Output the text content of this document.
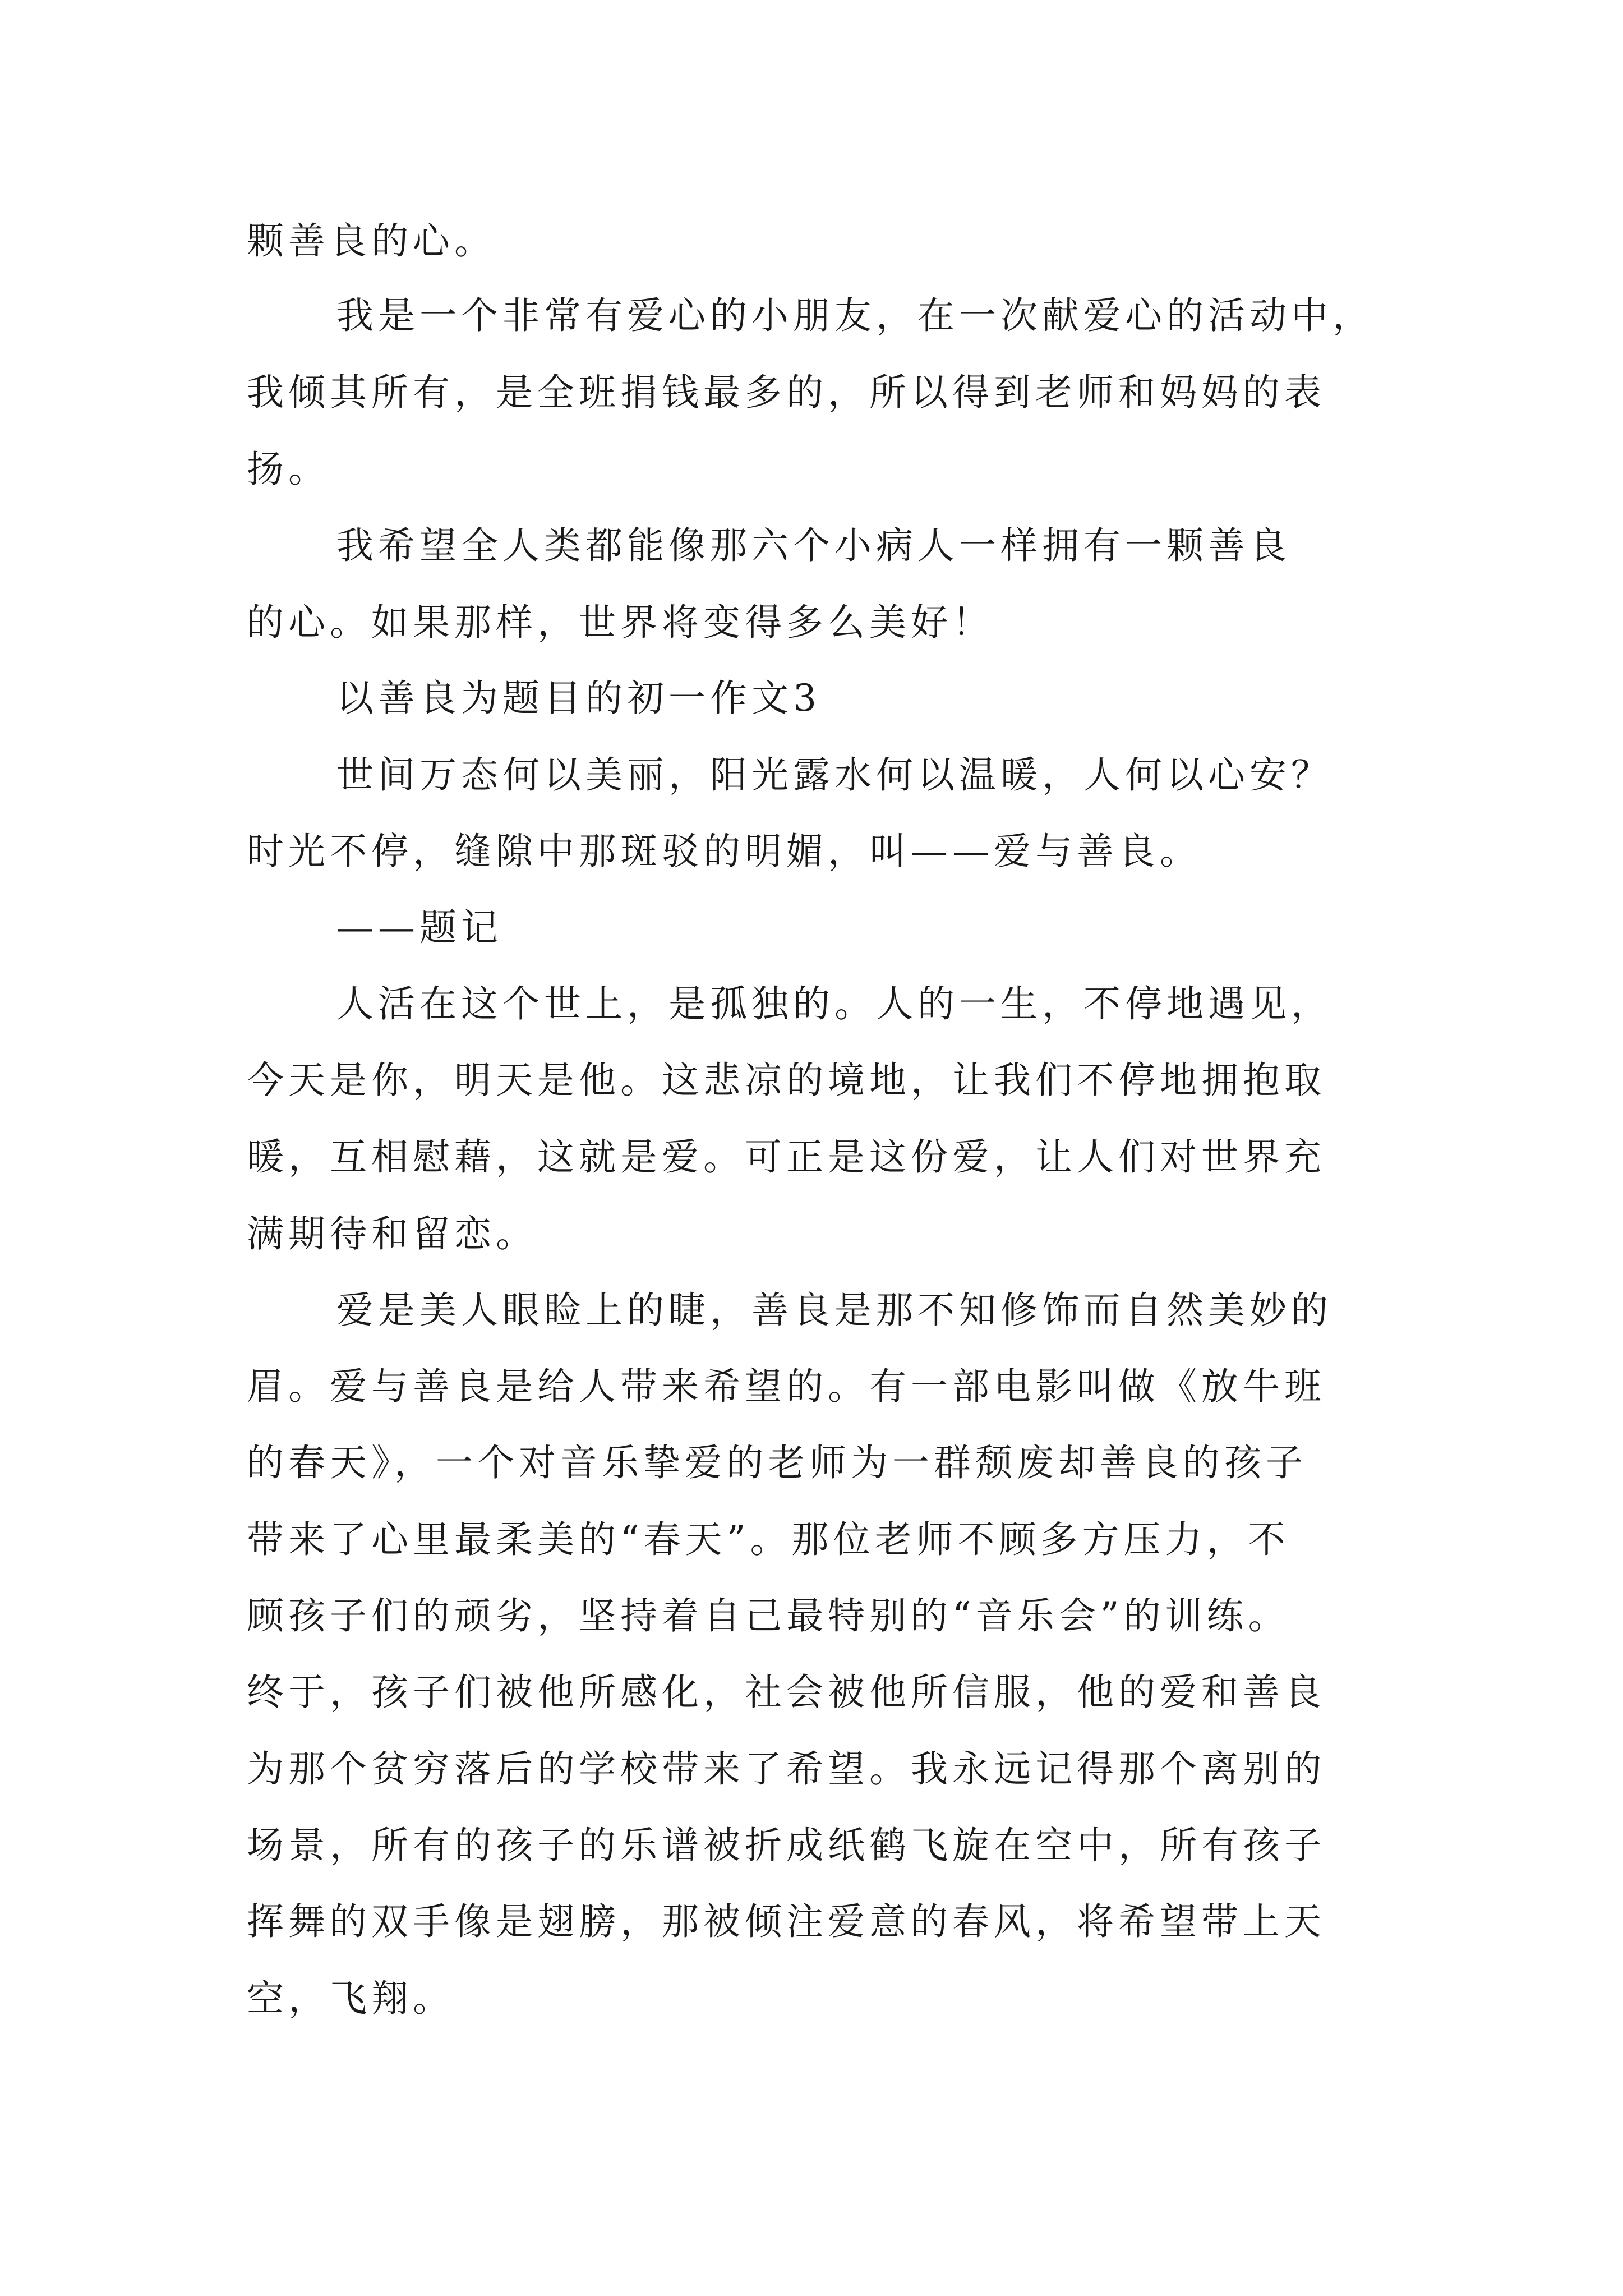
颗善良的心。
我是一个非常有爱心的小朋友，在一次献爱心的活动中，
我倾其所有，是全班捐钱最多的，所以得到老师和妈妈的表
扬。
我希望全人类都能像那六个小病人一样拥有一颗善良
的心。如果那样，世界将变得多么美好！
以善良为题目的初一作文3
世间万态何以美丽，阳光露水何以温暖，人何以心安？
时光不停，缝隙中那斑驳的明媚，叫——爱与善良。
——题记
人活在这个世上，是孤独的。人的一生，不停地遇见，
今天是你，明天是他。这悲凉的境地，让我们不停地拥抱取
暖，互相慰藉，这就是爱。可正是这份爱，让人们对世界充
满期待和留恋。
爱是美人眼睑上的睫，善良是那不知修饰而自然美妙的
眉。爱与善良是给人带来希望的。有一部电影叫做《放牛班
的春天》，一个对音乐挚爱的老师为一群颓废却善良的孩子
带来了心里最柔美的“春天”。那位老师不顾多方压力，不
顾孩子们的顽劣，坚持着自己最特别的“音乐会”的训练。
终于，孩子们被他所感化，社会被他所信服，他的爱和善良
为那个贫穷落后的学校带来了希望。我永远记得那个离别的
场景，所有的孩子的乐谱被折成纸鹤飞旋在空中，所有孩子
挥舞的双手像是翅膀，那被倾注爱意的春风，将希望带上天
空，飞翔。
